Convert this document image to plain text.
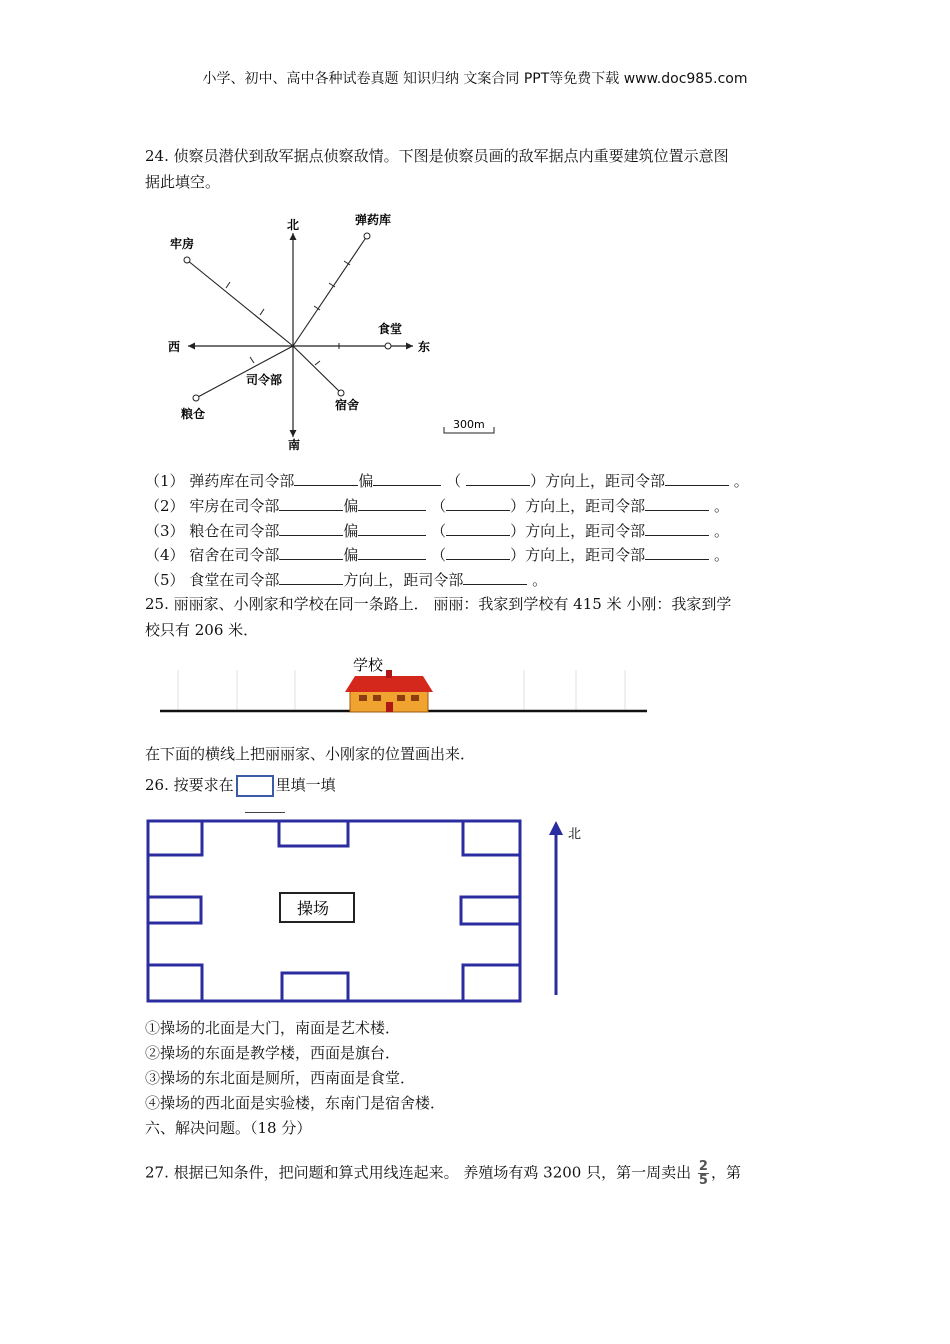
小学、初中、高中各种试卷真题 知识归纳 文案合同 PPT等免费下载 www.doc985.com
24. 侦察员潜伏到敌军据点侦察敌情。下图是侦察员画的敌军据点内重要建筑位置示意图
据此填空。
北
南
东
西
弹药库
牢房
食堂
司令部
粮仓
宿舍
300m
（1） 弹药库在司令部	偏	（	）方向上，距司令部	。
（2） 牢房在司令部	偏	（	）方向上，距司令部	。
（3） 粮仓在司令部	偏	（	）方向上，距司令部	。
（4） 宿舍在司令部	偏	（	）方向上，距司令部	。
（5） 食堂在司令部	方向上，距司令部	。
25. 丽丽家、小刚家和学校在同一条路上． 丽丽：我家到学校有 415 米 小刚：我家到学
校只有 206 米．
学校
在下面的横线上把丽丽家、小刚家的位置画出来．
26. 按要求在	里填一填
操场
北
①操场的北面是大门，南面是艺术楼．
②操场的东面是教学楼，西面是旗台．
③操场的东北面是厕所，西南面是食堂．
④操场的西北面是实验楼，东南门是宿舍楼．
六、解决问题。（18 分）
27. 根据已知条件，把问题和算式用线连起来。 养殖场有鸡 3200 只，第一周卖出 $\frac{2}{5}$ ，第
